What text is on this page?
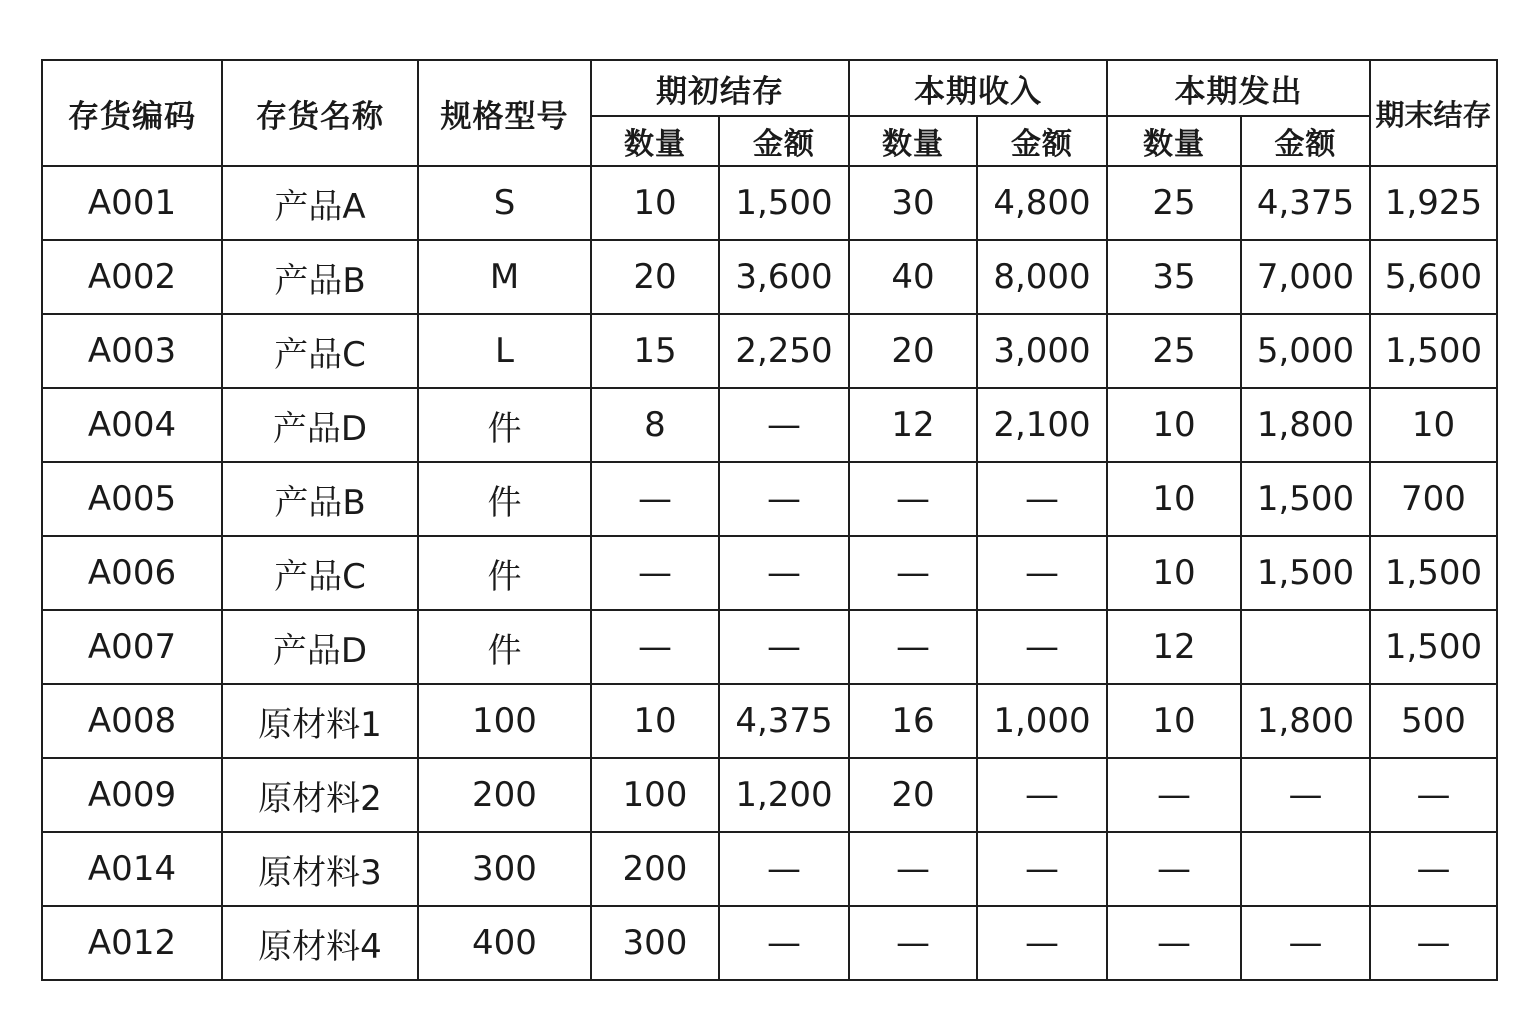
存货编码	存货名称	规格型号	期初结存		本期收入		本期发出		期末结存
			数量	金额	数量	金额	数量	金额	
A001	产品A	S	10	1,500	30	4,800	25	4,375	1,925
A002	产品B	M	20	3,600	40	8,000	35	7,000	5,600
A003	产品C	L	15	2,250	20	3,000	25	5,000	1,500
A004	产品D	件	8	—	12	2,100	10	1,800	10
A005	产品B	件	—	—	—	—	10	1,500	700
A006	产品C	件	—	—	—	—	10	1,500	1,500
A007	产品D	件	—	—	—	—	12		1,500
A008	原材料1	100	10	4,375	16	1,000	10	1,800	500
A009	原材料2	200	100	1,200	20	—	—	—	—
A014	原材料3	300	200	—	—	—	—		—
A012	原材料4	400	300	—	—	—	—	—	—
